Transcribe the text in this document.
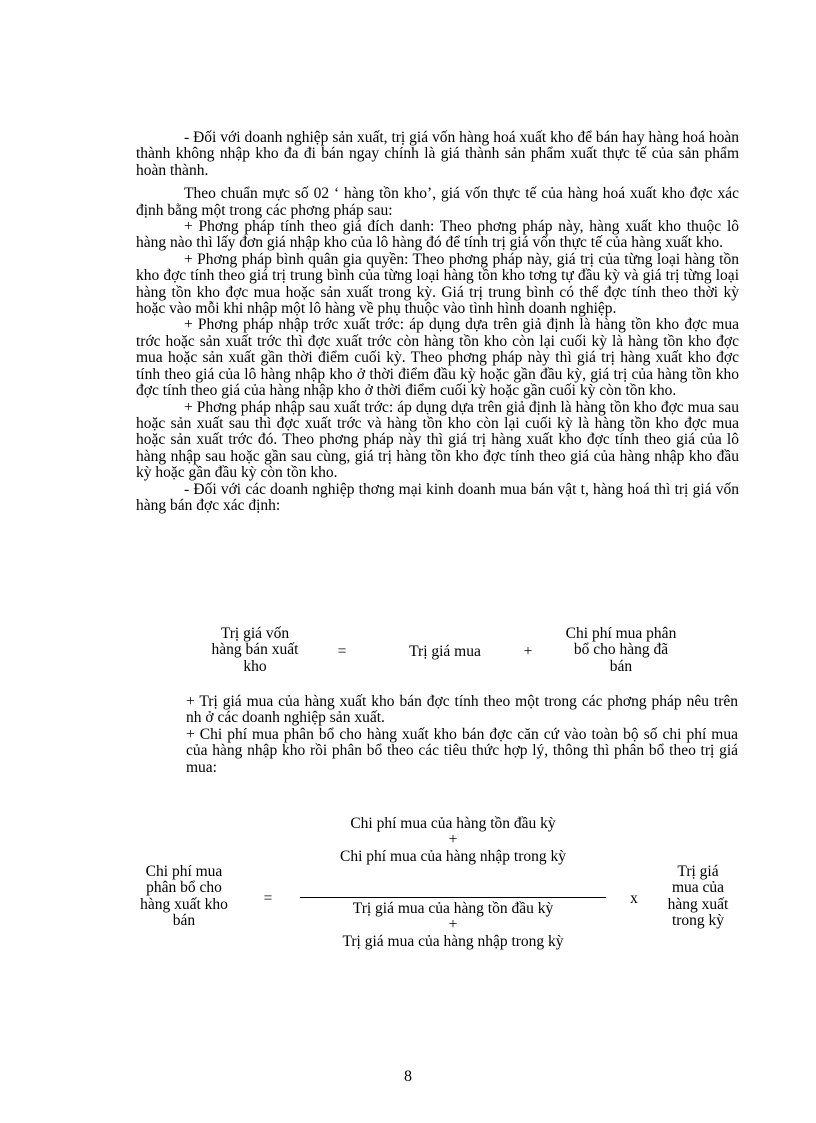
- Đối với doanh nghiệp sản xuất, trị giá vốn hàng hoá xuất kho để bán hay hàng hoá hoàn thành không nhập kho đa đi bán ngay chính là giá thành sản phẩm xuất thực tế của sản phẩm hoàn thành.

Theo chuẩn mực số 02 ‘ hàng tồn kho’, giá vốn thực tế của hàng hoá xuất kho đợc xác định bằng một trong các phơng pháp sau:

+ Phơng pháp tính theo giá đích danh: Theo phơng pháp này, hàng xuất kho thuộc lô hàng nào thì lấy đơn giá nhập kho của lô hàng đó để tính trị giá vốn thực tế của hàng xuất kho.

+ Phơng pháp bình quân gia quyền: Theo phơng pháp này, giá trị của từng loại hàng tồn kho đợc tính theo giá trị trung bình của từng loại hàng tồn kho tơng tự đầu kỳ và giá trị từng loại hàng tồn kho đợc mua hoặc sản xuất trong kỳ. Giá trị trung bình có thể đợc tính theo thời kỳ hoặc vào mỗi khi nhập một lô hàng về phụ thuộc vào tình hình doanh nghiệp.

+ Phơng pháp nhập trớc xuất trớc: áp dụng dựa trên giả định là hàng tồn kho đợc mua trớc hoặc sản xuất trớc thì đợc xuất trớc còn hàng tồn kho còn lại cuối kỳ là hàng tồn kho đợc mua hoặc sản xuất gần thời điểm cuối kỳ. Theo phơng pháp này thì giá trị hàng xuất kho đợc tính theo giá của lô hàng nhập kho ở thời điểm đầu kỳ hoặc gần đầu kỳ, giá trị của hàng tồn kho đợc tính theo giá của hàng nhập kho ở thời điểm cuối kỳ hoặc gần cuối kỳ còn tồn kho.

+ Phơng pháp nhập sau xuất trớc: áp dụng dựa trên giả định là hàng tồn kho đợc mua sau hoặc sản xuất sau thì đợc xuất trớc và hàng tồn kho còn lại cuối kỳ là hàng tồn kho đợc mua hoặc sản xuất trớc đó. Theo phơng pháp này thì giá trị hàng xuất kho đợc tính theo giá của lô hàng nhập sau hoặc gần sau cùng, giá trị hàng tồn kho đợc tính theo giá của hàng nhập kho đầu kỳ hoặc gần đầu kỳ còn tồn kho.

- Đối với các doanh nghiệp thơng mại kinh doanh mua bán vật t, hàng hoá thì trị giá vốn hàng bán đợc xác định:

Trị giá vốn
hàng bán xuất
kho
=	Trị giá mua	+
Chi phí mua phân
bổ cho hàng đã
bán

+ Trị giá mua của hàng xuất kho bán đợc tính theo một trong các phơng pháp nêu trên nh ở các doanh nghiệp sản xuất.

+ Chi phí mua phân bổ cho hàng xuất kho bán đợc căn cứ vào toàn bộ số chi phí mua của hàng nhập kho rồi phân bổ theo các tiêu thức hợp lý, thông thì phân bổ theo trị giá mua:

Chi phí mua
phân bổ cho
hàng xuất kho
bán
=
Chi phí mua của hàng tồn đầu kỳ
+
Chi phí mua của hàng nhập trong kỳ
Trị giá mua của hàng tồn đầu kỳ
+
Trị giá mua của hàng nhập trong kỳ
x
Trị giá
mua của
hàng xuất
trong kỳ
8
